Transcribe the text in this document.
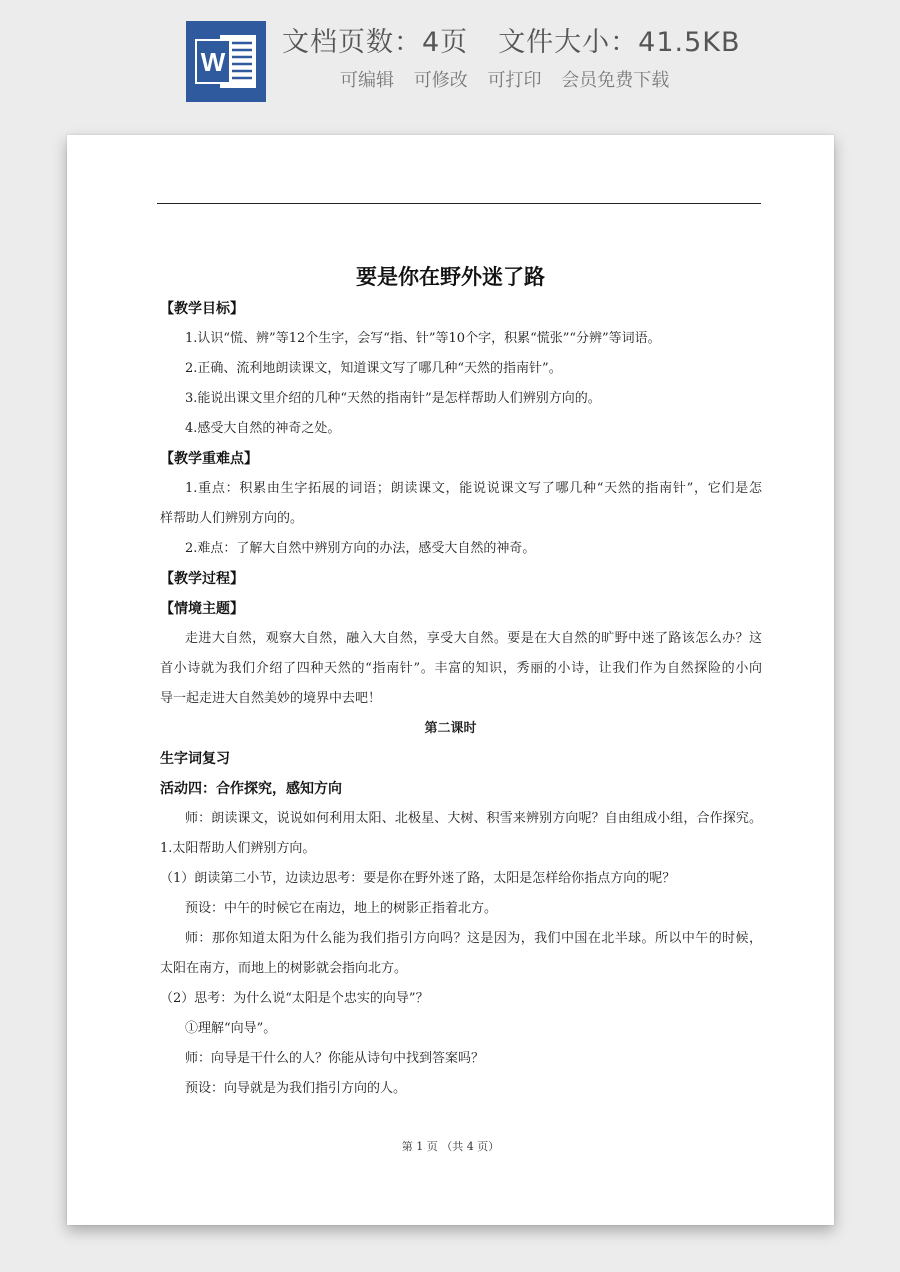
W
文档页数：4页 文件大小：41.5KB
可编辑 可修改 可打印 会员免费下载
要是你在野外迷了路
【教学目标】
1.认识“慌、辨”等12个生字，会写“指、针”等10个字，积累“慌张”“分辨”等词语。
2.正确、流利地朗读课文，知道课文写了哪几种“天然的指南针”。
3.能说出课文里介绍的几种“天然的指南针”是怎样帮助人们辨别方向的。
4.感受大自然的神奇之处。
【教学重难点】
1.重点：积累由生字拓展的词语；朗读课文，能说说课文写了哪几种“天然的指南针”，它们是怎
样帮助人们辨别方向的。
2.难点：了解大自然中辨别方向的办法，感受大自然的神奇。
【教学过程】
【情境主题】
走进大自然，观察大自然，融入大自然，享受大自然。要是在大自然的旷野中迷了路该怎么办？这
首小诗就为我们介绍了四种天然的“指南针”。丰富的知识，秀丽的小诗，让我们作为自然探险的小向
导一起走进大自然美妙的境界中去吧！
第二课时
生字词复习
活动四：合作探究，感知方向
师：朗读课文，说说如何利用太阳、北极星、大树、积雪来辨别方向呢？自由组成小组，合作探究。
1.太阳帮助人们辨别方向。
（1）朗读第二小节，边读边思考：要是你在野外迷了路，太阳是怎样给你指点方向的呢？
预设：中午的时候它在南边，地上的树影正指着北方。
师：那你知道太阳为什么能为我们指引方向吗？这是因为，我们中国在北半球。所以中午的时候，
太阳在南方，而地上的树影就会指向北方。
（2）思考：为什么说“太阳是个忠实的向导”？
①理解“向导”。
师：向导是干什么的人？你能从诗句中找到答案吗？
预设：向导就是为我们指引方向的人。
第 1 页 （共 4 页）
